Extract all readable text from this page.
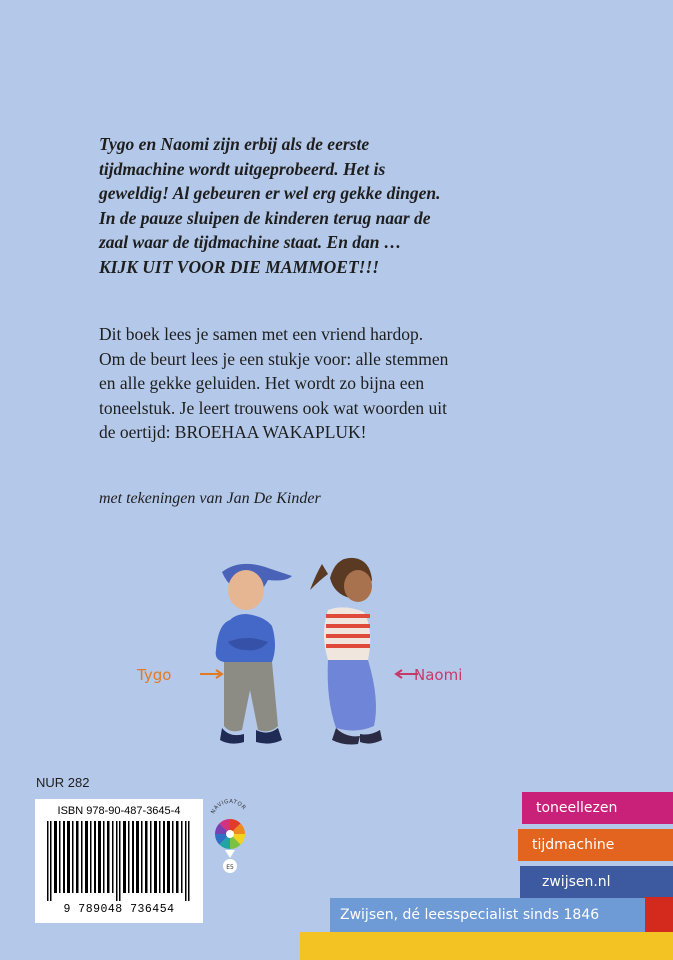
Tygo en Naomi zijn erbij als de eerste

tijdmachine wordt uitgeprobeerd. Het is

geweldig! Al gebeuren er wel erg gekke dingen.

In de pauze sluipen de kinderen terug naar de

zaal waar de tijdmachine staat. En dan …

KIJK UIT VOOR DIE MAMMOET!!!

Dit boek lees je samen met een vriend hardop.

Om de beurt lees je een stukje voor: alle stemmen

en alle gekke geluiden. Het wordt zo bijna een

toneelstuk. Je leert trouwens ook wat woorden uit

de oertijd: BROEHAA WAKAPLUK!

met tekeningen van Jan De Kinder
Tygo	Naomi
NUR 282
ISBN 978-90-487-3645-4
9 789048 736454
NAVIGATOR
E5
toneellezen
tijdmachine
zwijsen.nl
Zwijsen, dé leesspecialist sinds 1846
